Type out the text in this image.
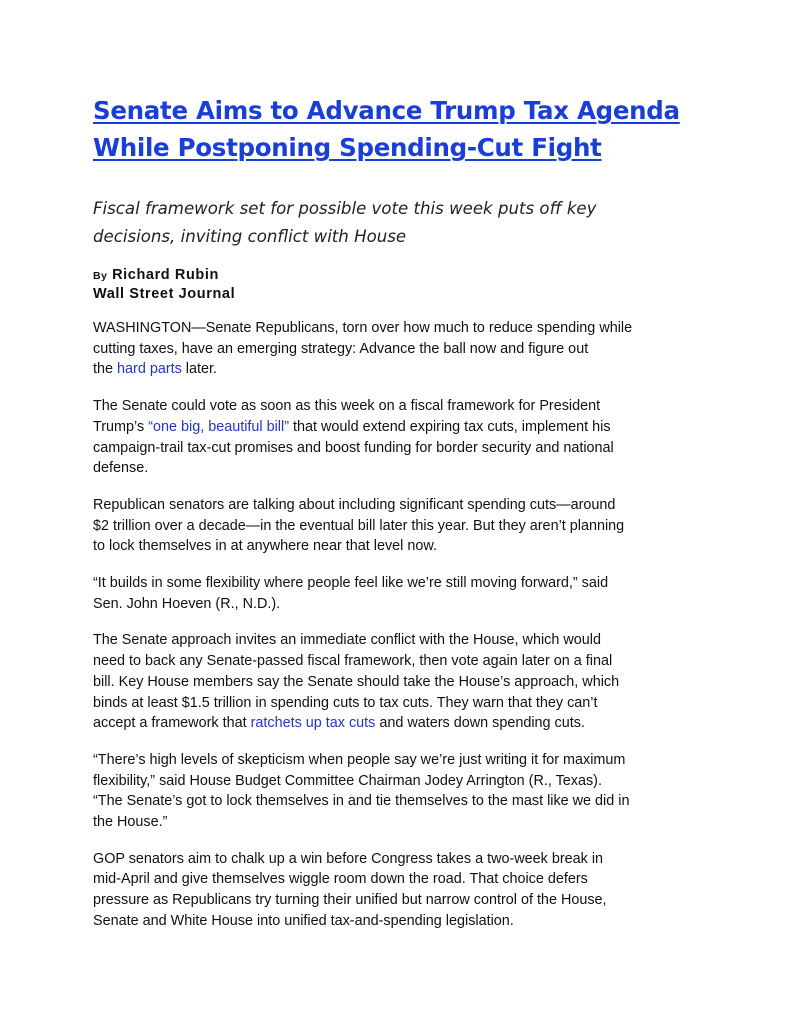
Senate Aims to Advance Trump Tax Agenda
While Postponing Spending-Cut Fight
Fiscal framework set for possible vote this week puts off key
decisions, inviting conflict with House
By Richard Rubin
Wall Street Journal

WASHINGTON—Senate Republicans, torn over how much to reduce spending while
cutting taxes, have an emerging strategy: Advance the ball now and figure out
the hard parts later.

The Senate could vote as soon as this week on a fiscal framework for President
Trump’s “one big, beautiful bill” that would extend expiring tax cuts, implement his
campaign-trail tax-cut promises and boost funding for border security and national
defense.

Republican senators are talking about including significant spending cuts—around
$2 trillion over a decade—in the eventual bill later this year. But they aren’t planning
to lock themselves in at anywhere near that level now.

“It builds in some flexibility where people feel like we’re still moving forward,” said
Sen. John Hoeven (R., N.D.).

The Senate approach invites an immediate conflict with the House, which would
need to back any Senate-passed fiscal framework, then vote again later on a final
bill. Key House members say the Senate should take the House’s approach, which
binds at least $1.5 trillion in spending cuts to tax cuts. They warn that they can’t
accept a framework that ratchets up tax cuts and waters down spending cuts.

“There’s high levels of skepticism when people say we’re just writing it for maximum
flexibility,” said House Budget Committee Chairman Jodey Arrington (R., Texas).
“The Senate’s got to lock themselves in and tie themselves to the mast like we did in
the House.”

GOP senators aim to chalk up a win before Congress takes a two-week break in
mid-April and give themselves wiggle room down the road. That choice defers
pressure as Republicans try turning their unified but narrow control of the House,
Senate and White House into unified tax-and-spending legislation.
